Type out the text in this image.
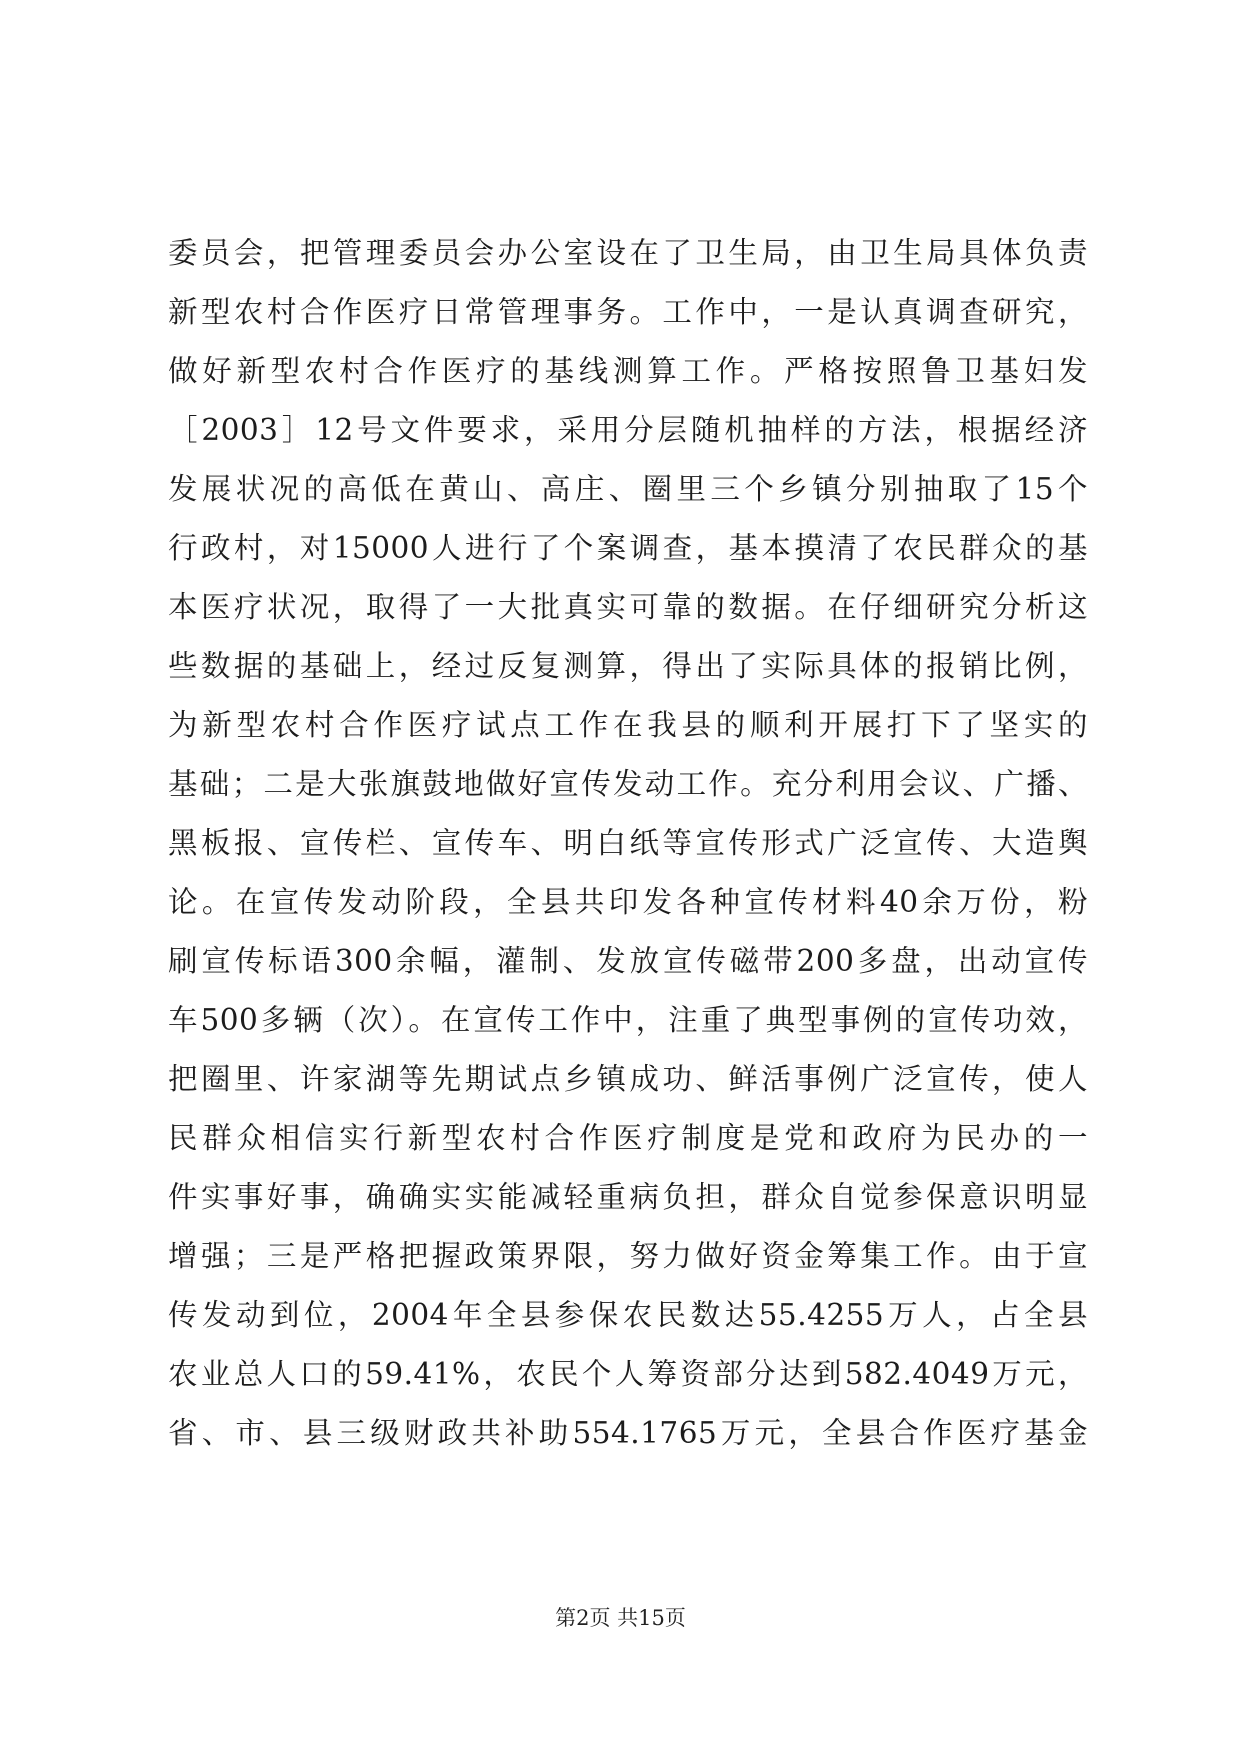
委员会，把管理委员会办公室设在了卫生局，由卫生局具体负责
新型农村合作医疗日常管理事务。工作中，一是认真调查研究，
做好新型农村合作医疗的基线测算工作。严格按照鲁卫基妇发
［2003］12号文件要求，采用分层随机抽样的方法，根据经济
发展状况的高低在黄山、高庄、圈里三个乡镇分别抽取了15个
行政村，对15000人进行了个案调查，基本摸清了农民群众的基
本医疗状况，取得了一大批真实可靠的数据。在仔细研究分析这
些数据的基础上，经过反复测算，得出了实际具体的报销比例，
为新型农村合作医疗试点工作在我县的顺利开展打下了坚实的
基础；二是大张旗鼓地做好宣传发动工作。充分利用会议、广播、
黑板报、宣传栏、宣传车、明白纸等宣传形式广泛宣传、大造舆
论。在宣传发动阶段，全县共印发各种宣传材料40余万份，粉
刷宣传标语300余幅，灌制、发放宣传磁带200多盘，出动宣传
车500多辆（次）。在宣传工作中，注重了典型事例的宣传功效，
把圈里、许家湖等先期试点乡镇成功、鲜活事例广泛宣传，使人
民群众相信实行新型农村合作医疗制度是党和政府为民办的一
件实事好事，确确实实能减轻重病负担，群众自觉参保意识明显
增强；三是严格把握政策界限，努力做好资金筹集工作。由于宣
传发动到位，2004年全县参保农民数达55.4255万人，占全县
农业总人口的59.41%，农民个人筹资部分达到582.4049万元，
省、市、县三级财政共补助554.1765万元，全县合作医疗基金
第2页 共15页
